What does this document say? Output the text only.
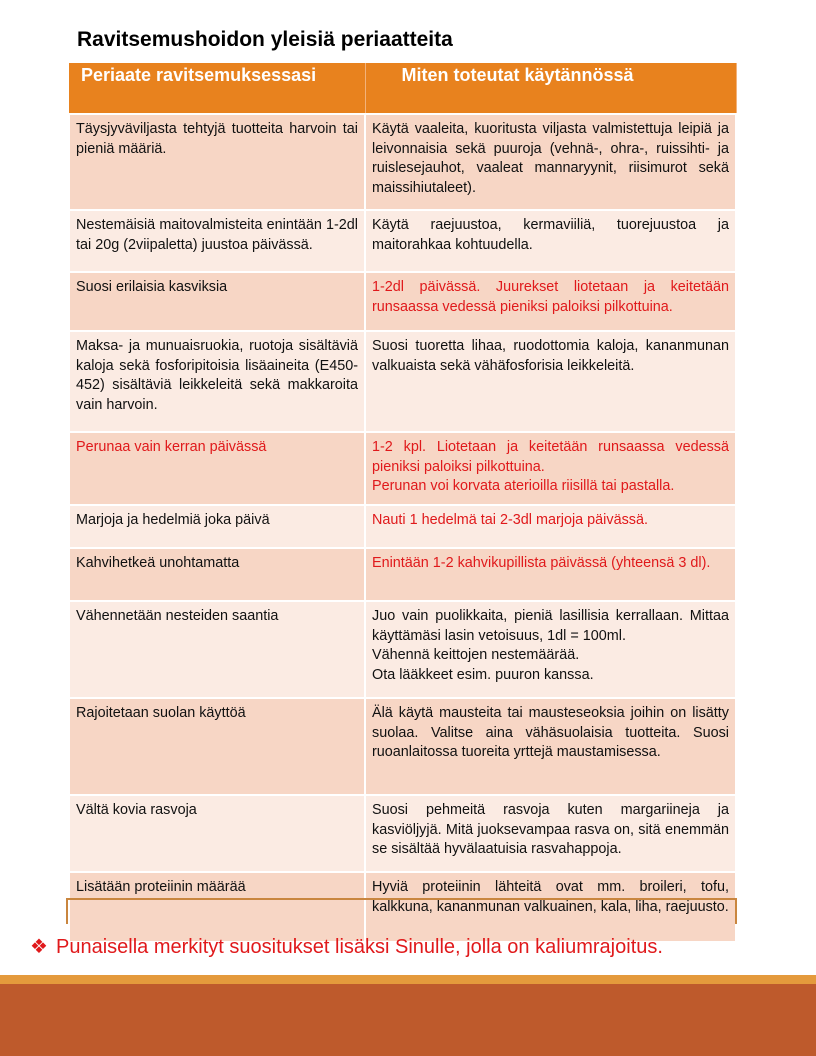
Ravitsemushoidon yleisiä periaatteita
Periaate ravitsemuksessasi	Miten toteutat käytännössä
Täysjyväviljasta tehtyjä tuotteita harvoin tai pieniä määriä.	Käytä vaaleita, kuoritusta viljasta valmistettuja leipiä ja leivonnaisia sekä puuroja (vehnä-, ohra-, ruissihti- ja ruislesejauhot, vaaleat mannaryynit, riisimurot sekä maissihiutaleet).

Nestemäisiä maitovalmisteita enintään 1-2dl tai 20g (2viipaletta) juustoa päivässä.	Käytä raejuustoa, kermaviiliä, tuorejuustoa ja maitorahkaa kohtuudella.

Suosi erilaisia kasviksia	1-2dl päivässä. Juurekset liotetaan ja keitetään runsaassa vedessä pieniksi paloiksi pilkottuina.

Maksa- ja munuaisruokia, ruotoja sisältäviä kaloja sekä fosforipitoisia lisäaineita (E450-452) sisältäviä leikkeleitä sekä makkaroita vain harvoin.	Suosi tuoretta lihaa, ruodottomia kaloja, kananmunan valkuaista sekä vähäfosforisia leikkeleitä.

Perunaa vain kerran päivässä	1-2 kpl. Liotetaan ja keitetään runsaassa vedessä pieniksi paloiksi pilkottuina.
Perunan voi korvata aterioilla riisillä tai pastalla.

Marjoja ja hedelmiä joka päivä	Nauti 1 hedelmä tai 2-3dl marjoja päivässä.

Kahvihetkeä unohtamatta	Enintään 1-2 kahvikupillista päivässä (yhteensä 3 dl).

Vähennetään nesteiden saantia	Juo vain puolikkaita, pieniä lasillisia kerrallaan. Mittaa käyttämäsi lasin vetoisuus, 1dl = 100ml.
Vähennä keittojen nestemäärää.
Ota lääkkeet esim. puuron kanssa.

Rajoitetaan suolan käyttöä	Älä käytä mausteita tai mausteseoksia joihin on lisätty suolaa. Valitse aina vähäsuolaisia tuotteita. Suosi ruoanlaitossa tuoreita yrttejä maustamisessa.

Vältä kovia rasvoja	Suosi pehmeitä rasvoja kuten margariineja ja kasviöljyjä. Mitä juoksevampaa rasva on, sitä enemmän se sisältää hyvälaatuisia rasvahappoja.

Lisätään proteiinin määrää	Hyviä proteiinin lähteitä ovat mm. broileri, tofu, kalkkuna, kananmunan valkuainen, kala, liha, raejuusto.
❖ Punaisella merkityt suositukset lisäksi Sinulle, jolla on kaliumrajoitus.
